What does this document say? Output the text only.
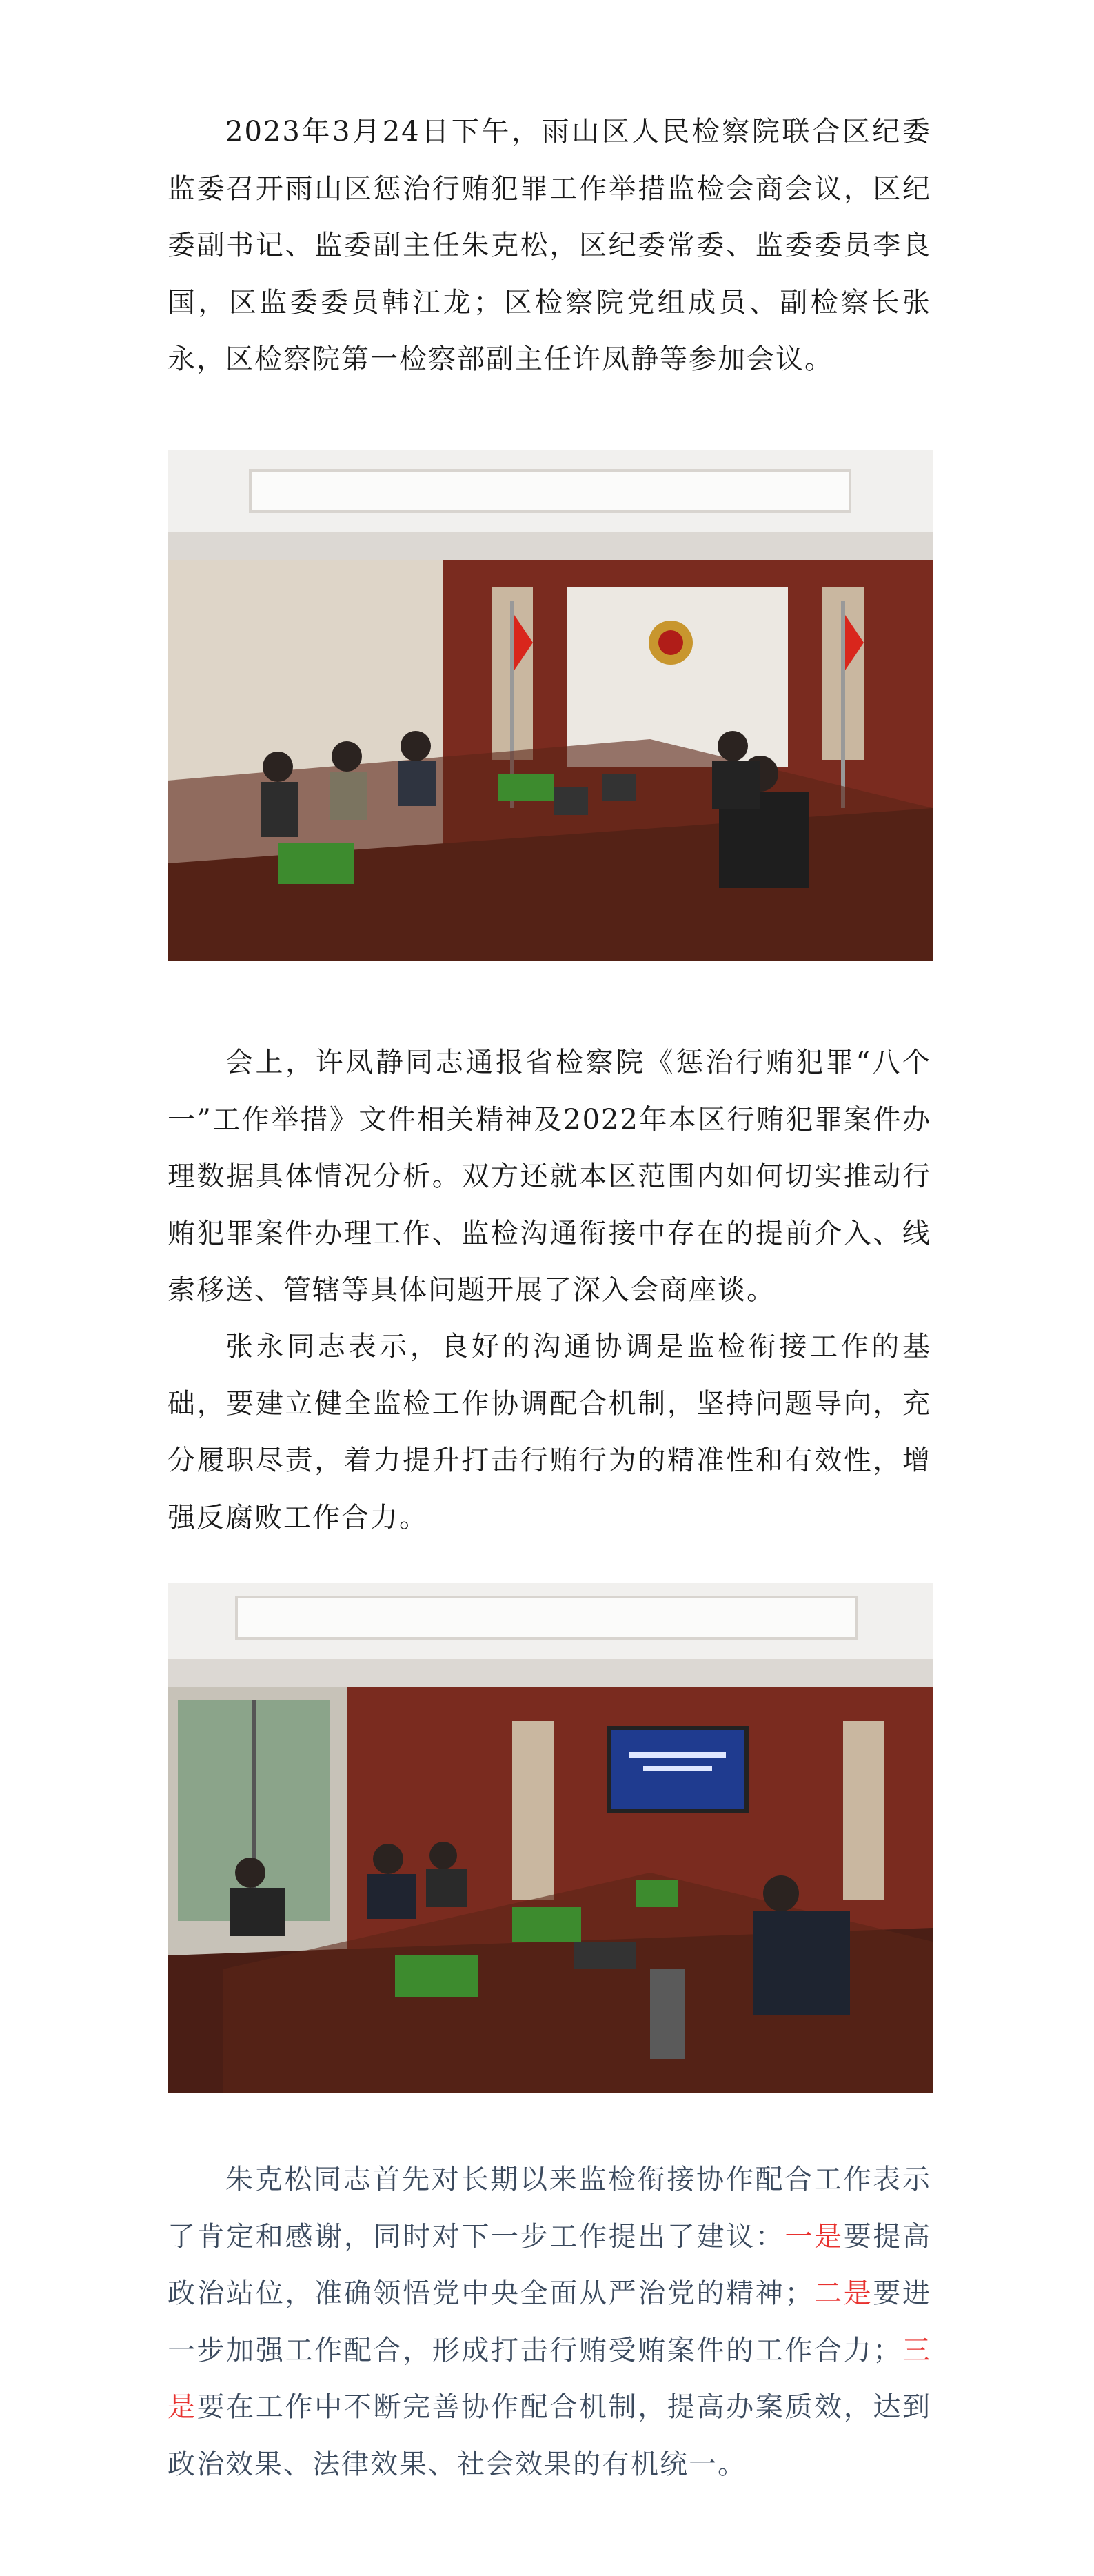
2023年3月24日下午，雨山区人民检察院联合区纪委监委召开雨山区惩治行贿犯罪工作举措监检会商会议，区纪委副书记、监委副主任朱克松，区纪委常委、监委委员李良国，区监委委员韩江龙；区检察院党组成员、副检察长张永，区检察院第一检察部副主任许凤静等参加会议。

会上，许凤静同志通报省检察院《惩治行贿犯罪“八个一”工作举措》文件相关精神及2022年本区行贿犯罪案件办理数据具体情况分析。双方还就本区范围内如何切实推动行贿犯罪案件办理工作、监检沟通衔接中存在的提前介入、线索移送、管辖等具体问题开展了深入会商座谈。

张永同志表示，良好的沟通协调是监检衔接工作的基础，要建立健全监检工作协调配合机制，坚持问题导向，充分履职尽责，着力提升打击行贿行为的精准性和有效性，增强反腐败工作合力。

朱克松同志首先对长期以来监检衔接协作配合工作表示了肯定和感谢，同时对下一步工作提出了建议：一是要提高政治站位，准确领悟党中央全面从严治党的精神；二是要进一步加强工作配合，形成打击行贿受贿案件的工作合力；三是要在工作中不断完善协作配合机制，提高办案质效，达到政治效果、法律效果、社会效果的有机统一。
